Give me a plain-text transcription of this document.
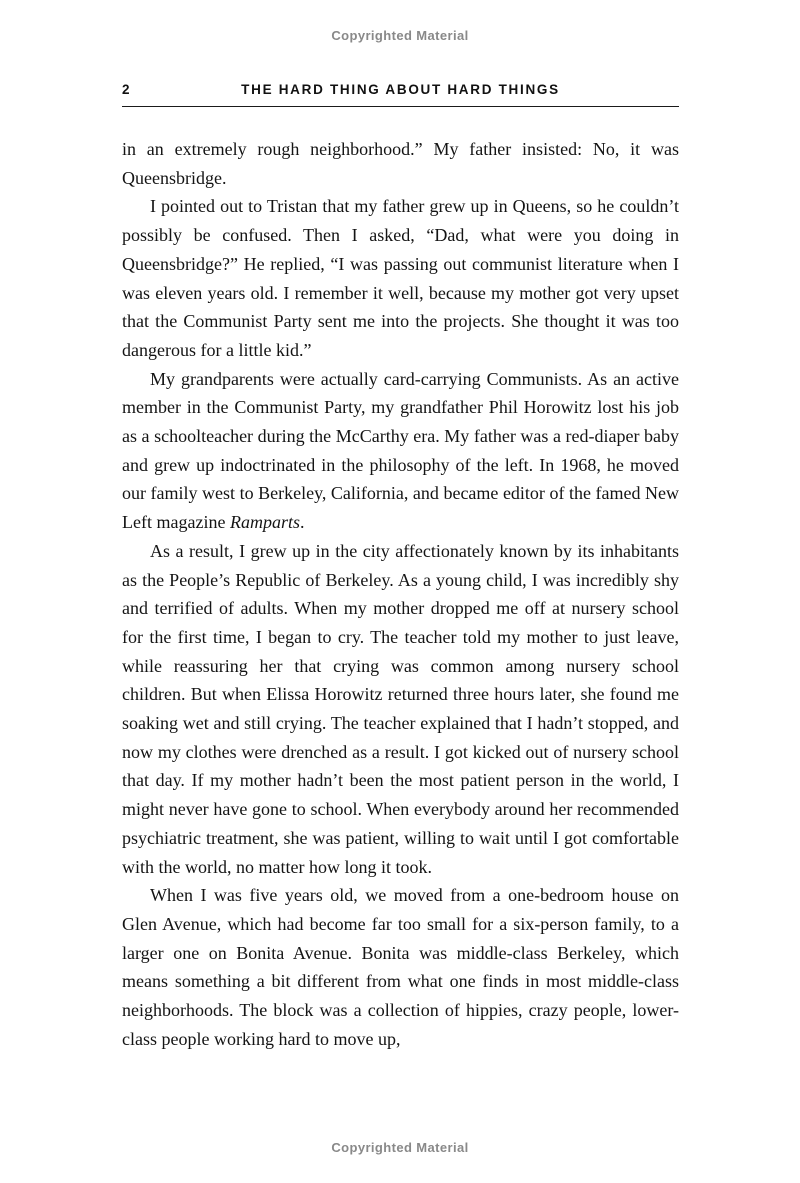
Copyrighted Material
2	THE HARD THING ABOUT HARD THINGS

in an extremely rough neighborhood.” My father insisted: No, it was Queensbridge.

I pointed out to Tristan that my father grew up in Queens, so he couldn’t possibly be confused. Then I asked, “Dad, what were you doing in Queensbridge?” He replied, “I was passing out communist literature when I was eleven years old. I remember it well, because my mother got very upset that the Communist Party sent me into the projects. She thought it was too dangerous for a little kid.”

My grandparents were actually card-carrying Communists. As an active member in the Communist Party, my grandfather Phil Horowitz lost his job as a schoolteacher during the McCarthy era. My father was a red-diaper baby and grew up indoctrinated in the philosophy of the left. In 1968, he moved our family west to Berkeley, California, and became editor of the famed New Left magazine Ramparts.

As a result, I grew up in the city affectionately known by its inhabitants as the People’s Republic of Berkeley. As a young child, I was incredibly shy and terrified of adults. When my mother dropped me off at nursery school for the first time, I began to cry. The teacher told my mother to just leave, while reassuring her that crying was common among nursery school children. But when Elissa Horowitz returned three hours later, she found me soaking wet and still crying. The teacher explained that I hadn’t stopped, and now my clothes were drenched as a result. I got kicked out of nursery school that day. If my mother hadn’t been the most patient person in the world, I might never have gone to school. When everybody around her recommended psychiatric treatment, she was patient, willing to wait until I got comfortable with the world, no matter how long it took.

When I was five years old, we moved from a one-bedroom house on Glen Avenue, which had become far too small for a six-person family, to a larger one on Bonita Avenue. Bonita was middle-class Berkeley, which means something a bit different from what one finds in most middle-class neighborhoods. The block was a collection of hippies, crazy people, lower-class people working hard to move up,

Copyrighted Material
